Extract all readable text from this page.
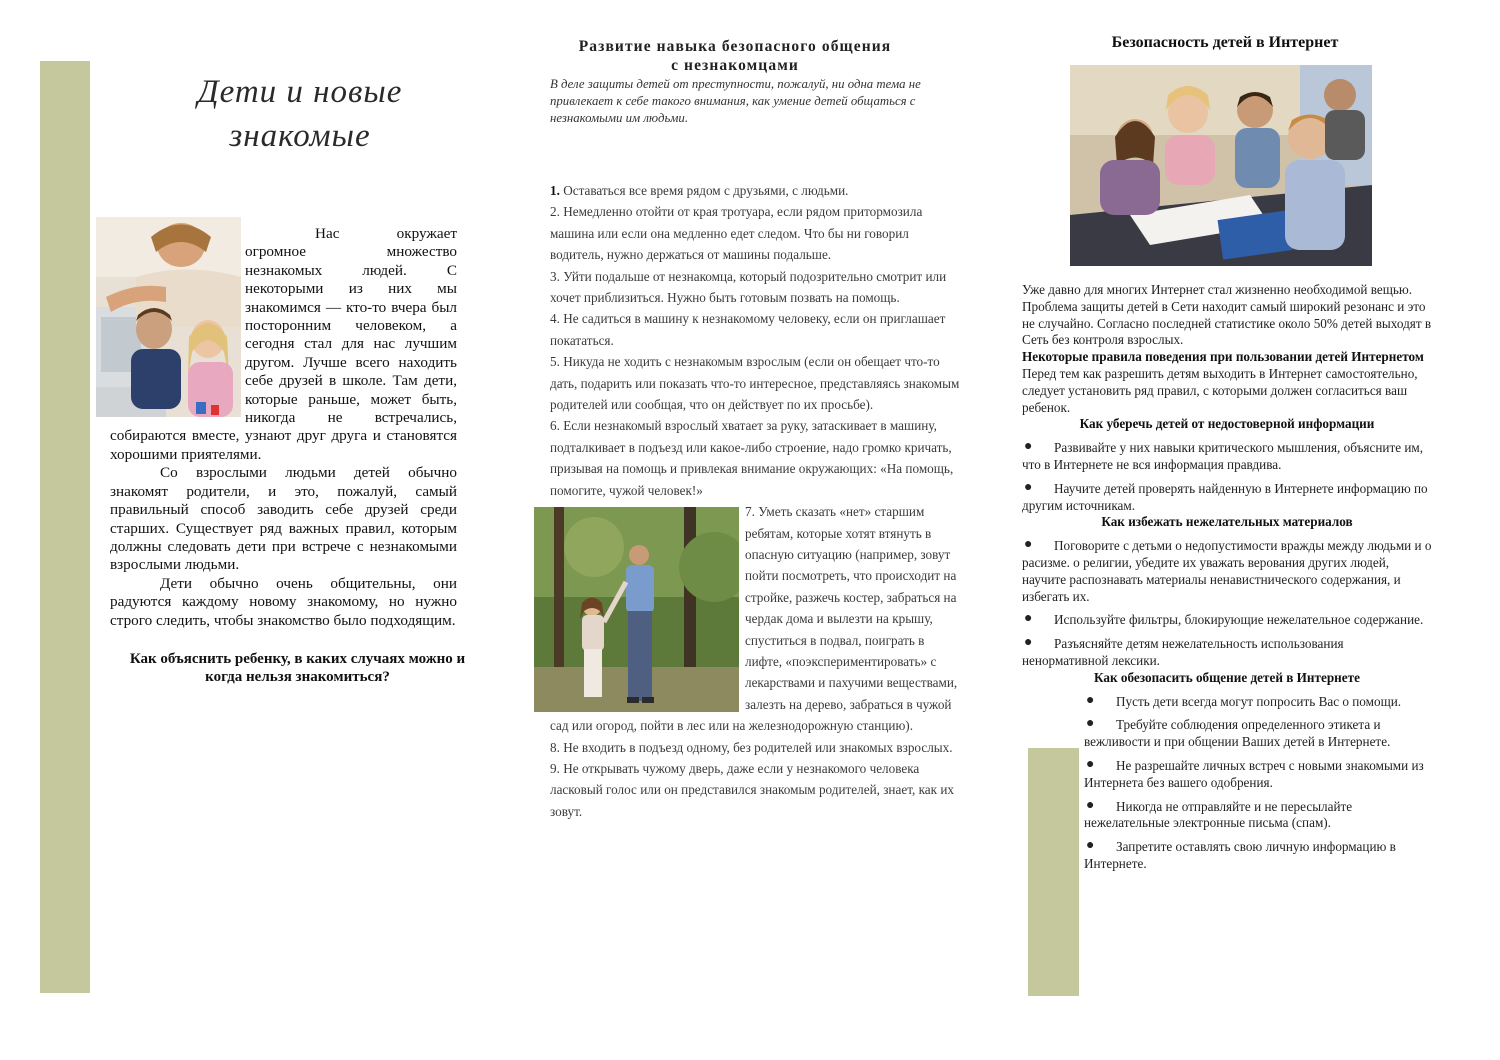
Дети и новые знакомые

Нас окружает огромное множество незнакомых людей. С некоторыми из них мы знакомимся — кто-то вчера был посторонним человеком, а сегодня стал для нас лучшим другом. Лучше всего находить себе друзей в школе. Там дети, которые раньше, может быть, никогда не встречались, собираются вместе, узнают друг друга и становятся хорошими приятелями.

Со взрослыми людьми детей обычно знакомят родители, и это, пожалуй, самый правильный способ заводить себе друзей среди старших. Существует ряд важных правил, которым должны следовать дети при встрече с незнакомыми взрослыми людьми.

Дети обычно очень общительны, они радуются каждому новому знакомому, но нужно строго следить, чтобы знакомство было подходящим.

Как объяснить ребенку, в каких случаях можно и когда нельзя знакомиться?
Развитие навыка безопасного общения
с незнакомцами
В деле защиты детей от преступности, пожалуй, ни одна тема не привлекает к себе такого внимания, как умение детей общаться с незнакомыми им людьми.

1. Оставаться все время рядом с друзьями, с людьми.

2. Немедленно отойти от края тротуара, если рядом притормозила машина или если она медленно едет следом. Что бы ни говорил водитель, нужно держаться от машины подальше.

3. Уйти подальше от незнакомца, который подозрительно смотрит или хочет приблизиться. Нужно быть готовым позвать на помощь.

4. Не садиться в машину к незнакомому человеку, если он приглашает покататься.

5. Никуда не ходить с незнакомым взрослым (если он обещает что-то дать, подарить или показать что-то интересное, представляясь знакомым родителей или сообщая, что он действует по их просьбе).

6. Если незнакомый взрослый хватает за руку, затаскивает в машину, подталкивает в подъезд или какое-либо строение, надо громко кричать, призывая на помощь и привлекая внимание окружающих: «На помощь, помогите, чужой человек!»

7. Уметь сказать «нет» старшим ребятам, которые хотят втянуть в опасную ситуацию (например, зовут пойти посмотреть, что происходит на стройке, разжечь костер, забраться на чердак дома и вылезти на крышу, спуститься в подвал, поиграть в лифте, «поэкспериментировать» с лекарствами и пахучими веществами, залезть на дерево, забраться в чужой сад или огород, пойти в лес или на железнодорожную станцию).

8. Не входить в подъезд одному, без родителей или знакомых взрослых.

9. Не открывать чужому дверь, даже если у незнакомого человека ласковый голос или он представился знакомым родителей, знает, как их зовут.

Безопасность детей в Интернет

Уже давно для многих Интернет стал жизненно необходимой вещью. Проблема защиты детей в Сети находит самый широкий резонанс и это не случайно. Согласно последней статистике около 50% детей выходят в Сеть без контроля взрослых.

Некоторые правила поведения при пользовании детей Интернетом

Перед тем как разрешить детям выходить в Интернет самостоятельно, следует установить ряд правил, с которыми должен согласиться ваш ребенок.

Как уберечь детей от недостоверной информации

● Развивайте у них навыки критического мышления, объясните им, что в Интернете не вся информация правдива.

● Научите детей проверять найденную в Интернете информацию по другим источникам.

Как избежать нежелательных материалов

● Поговорите с детьми о недопустимости вражды между людьми и о расизме. о религии, убедите их уважать верования других людей, научите распознавать материалы ненавистнического содержания, и избегать их.

● Используйте фильтры, блокирующие нежелательное содержание.

● Разъясняйте детям нежелательность использования ненормативной лексики.

Как обезопасить общение детей в Интернете

● Пусть дети всегда могут попросить Вас о помощи.

● Требуйте соблюдения определенного этикета и вежливости и при общении Ваших детей в Интернете.

● Не разрешайте личных встреч с новыми знакомыми из Интернета без вашего одобрения.

● Никогда не отправляйте и не пересылайте нежелательные электронные письма (спам).

● Запретите оставлять свою личную информацию в Интернете.
